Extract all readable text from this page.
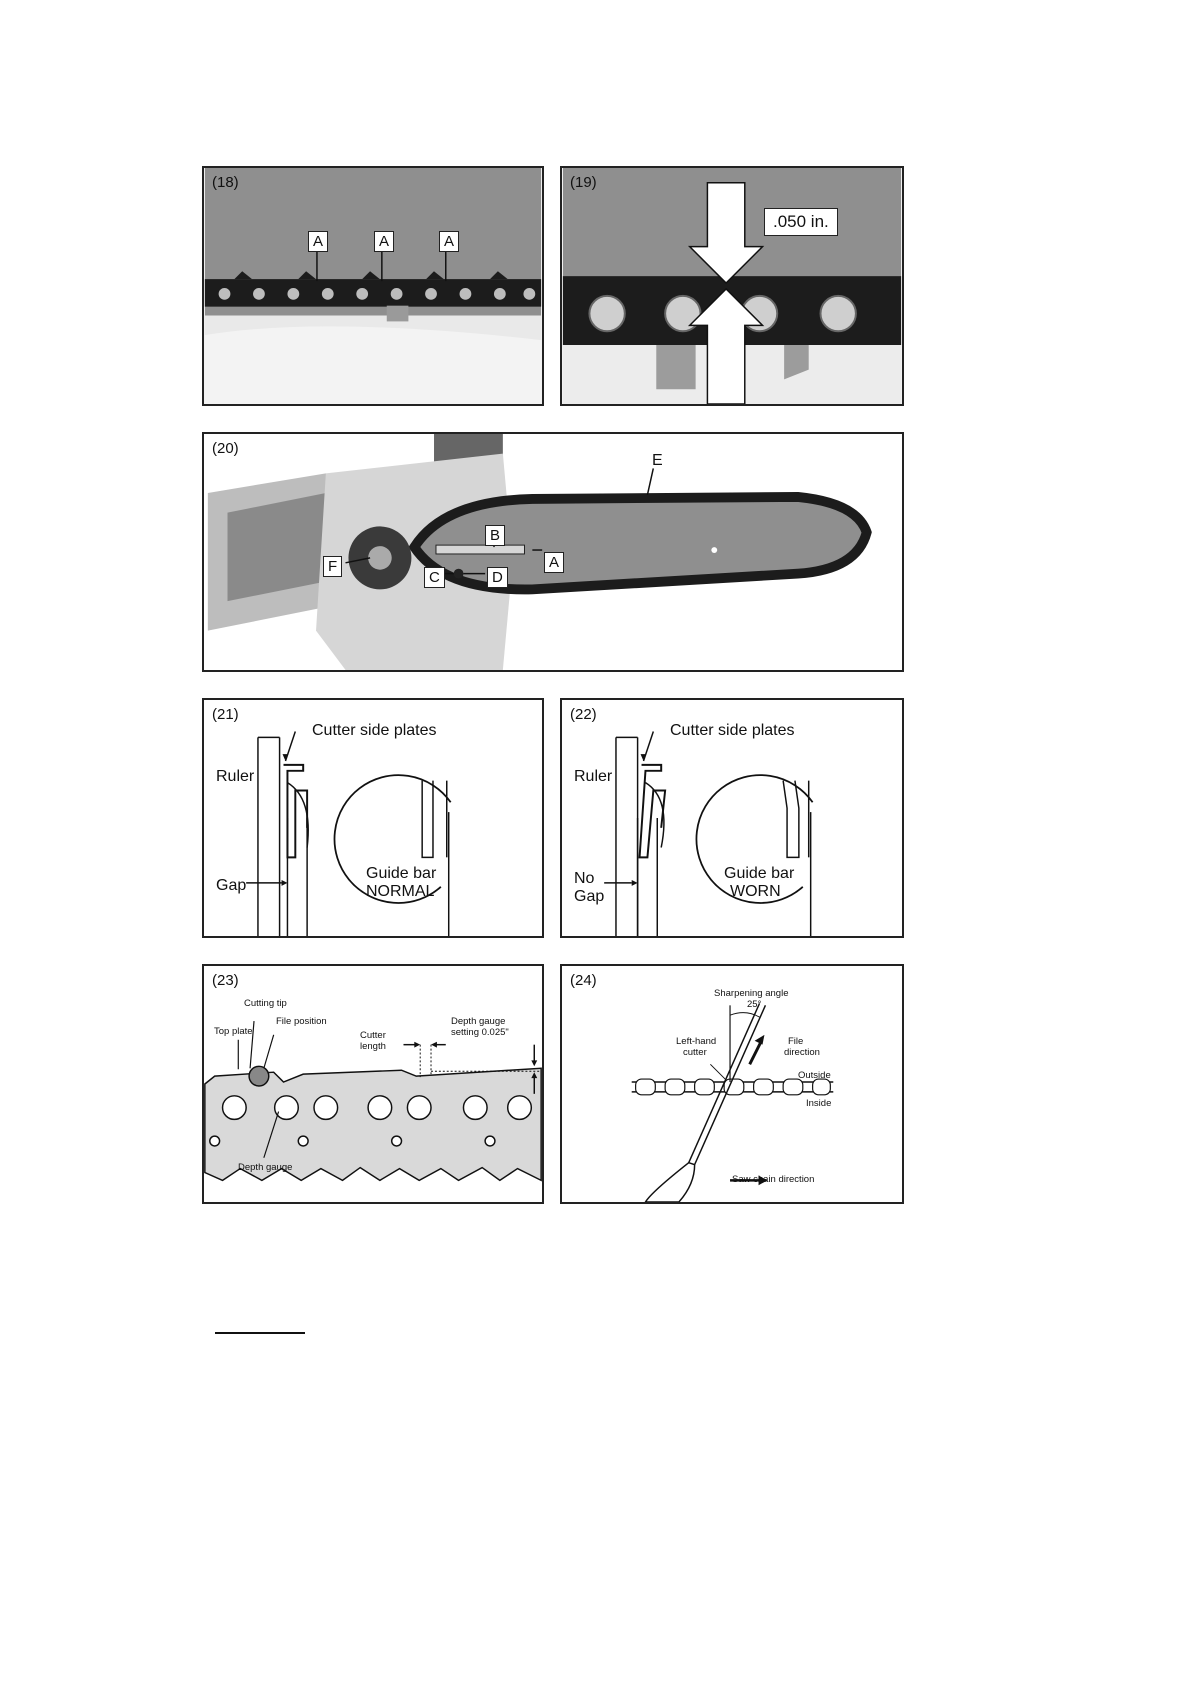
(18)
A	A	A
(19)
.050 in.
(20)
B
A
C	D
F
E
(21)
Cutter side plates
Ruler
Gap
Guide bar
NORMAL
(22)
Cutter side plates
Ruler
No
Gap
Guide bar
WORN
(23)
Cutting tip
Top plate
File position
Cutter
length
Depth gauge
setting 0.025"
Depth gauge
(24)
Sharpening angle
25°
Left-hand
cutter
File
direction
Outside
Inside
Saw chain direction
